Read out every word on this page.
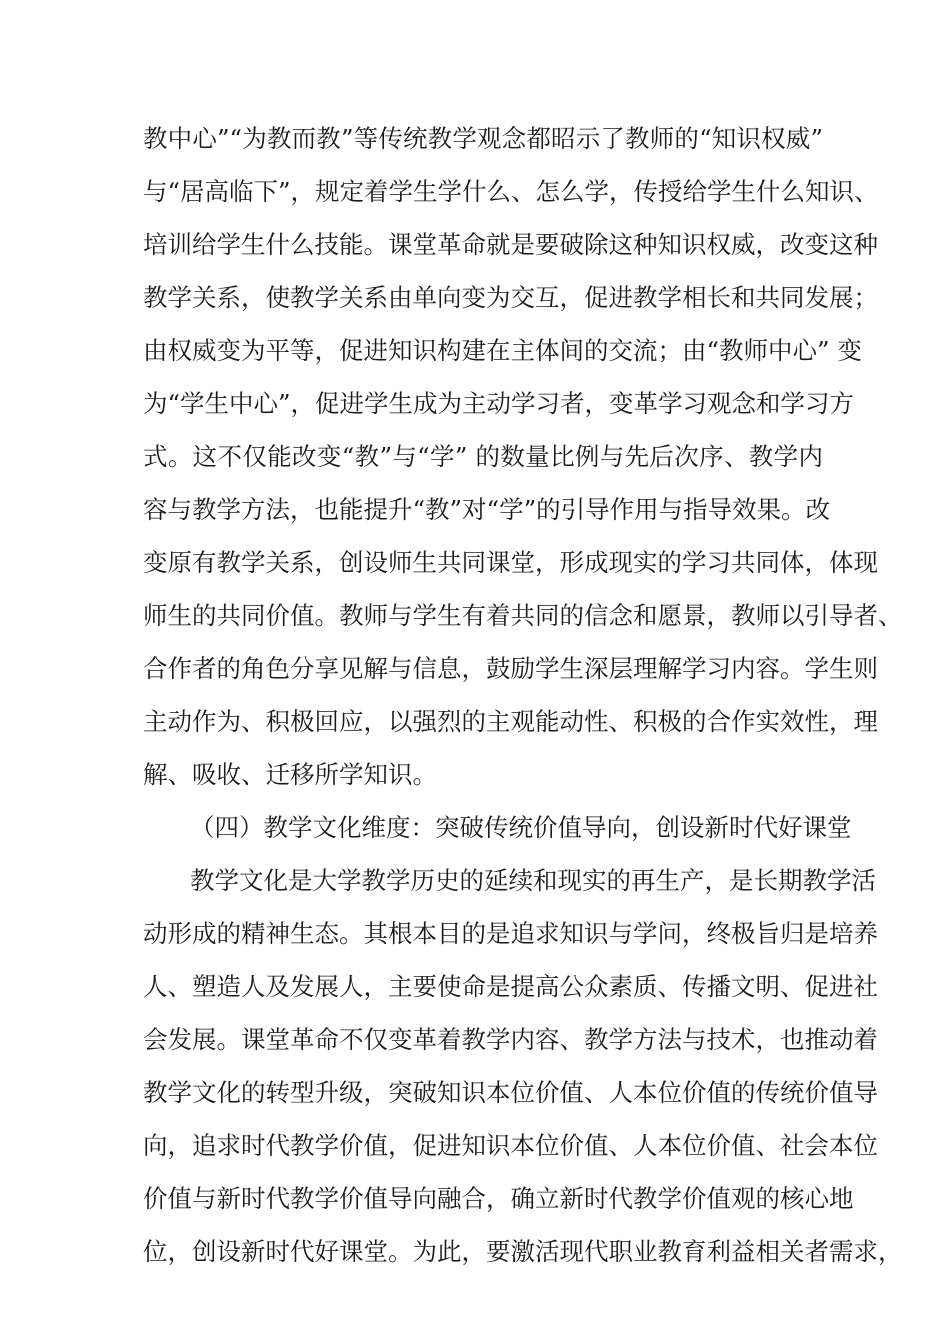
教中心”“为教而教”等传统教学观念都昭示了教师的“知识权威”
与“居高临下”，规定着学生学什么、怎么学，传授给学生什么知识、
培训给学生什么技能。课堂革命就是要破除这种知识权威，改变这种
教学关系，使教学关系由单向变为交互，促进教学相长和共同发展；
由权威变为平等，促进知识构建在主体间的交流；由“教师中心” 变
为“学生中心”，促进学生成为主动学习者，变革学习观念和学习方
式。这不仅能改变“教”与“学” 的数量比例与先后次序、教学内
容与教学方法，也能提升“教”对“学”的引导作用与指导效果。改
变原有教学关系，创设师生共同课堂，形成现实的学习共同体，体现
师生的共同价值。教师与学生有着共同的信念和愿景，教师以引导者、
合作者的角色分享见解与信息，鼓励学生深层理解学习内容。学生则
主动作为、积极回应，以强烈的主观能动性、积极的合作实效性，理
解、吸收、迁移所学知识。
（四）教学文化维度：突破传统价值导向，创设新时代好课堂
教学文化是大学教学历史的延续和现实的再生产，是长期教学活
动形成的精神生态。其根本目的是追求知识与学问，终极旨归是培养
人、塑造人及发展人，主要使命是提高公众素质、传播文明、促进社
会发展。课堂革命不仅变革着教学内容、教学方法与技术，也推动着
教学文化的转型升级，突破知识本位价值、人本位价值的传统价值导
向，追求时代教学价值，促进知识本位价值、人本位价值、社会本位
价值与新时代教学价值导向融合，确立新时代教学价值观的核心地
位，创设新时代好课堂。为此，要激活现代职业教育利益相关者需求，
